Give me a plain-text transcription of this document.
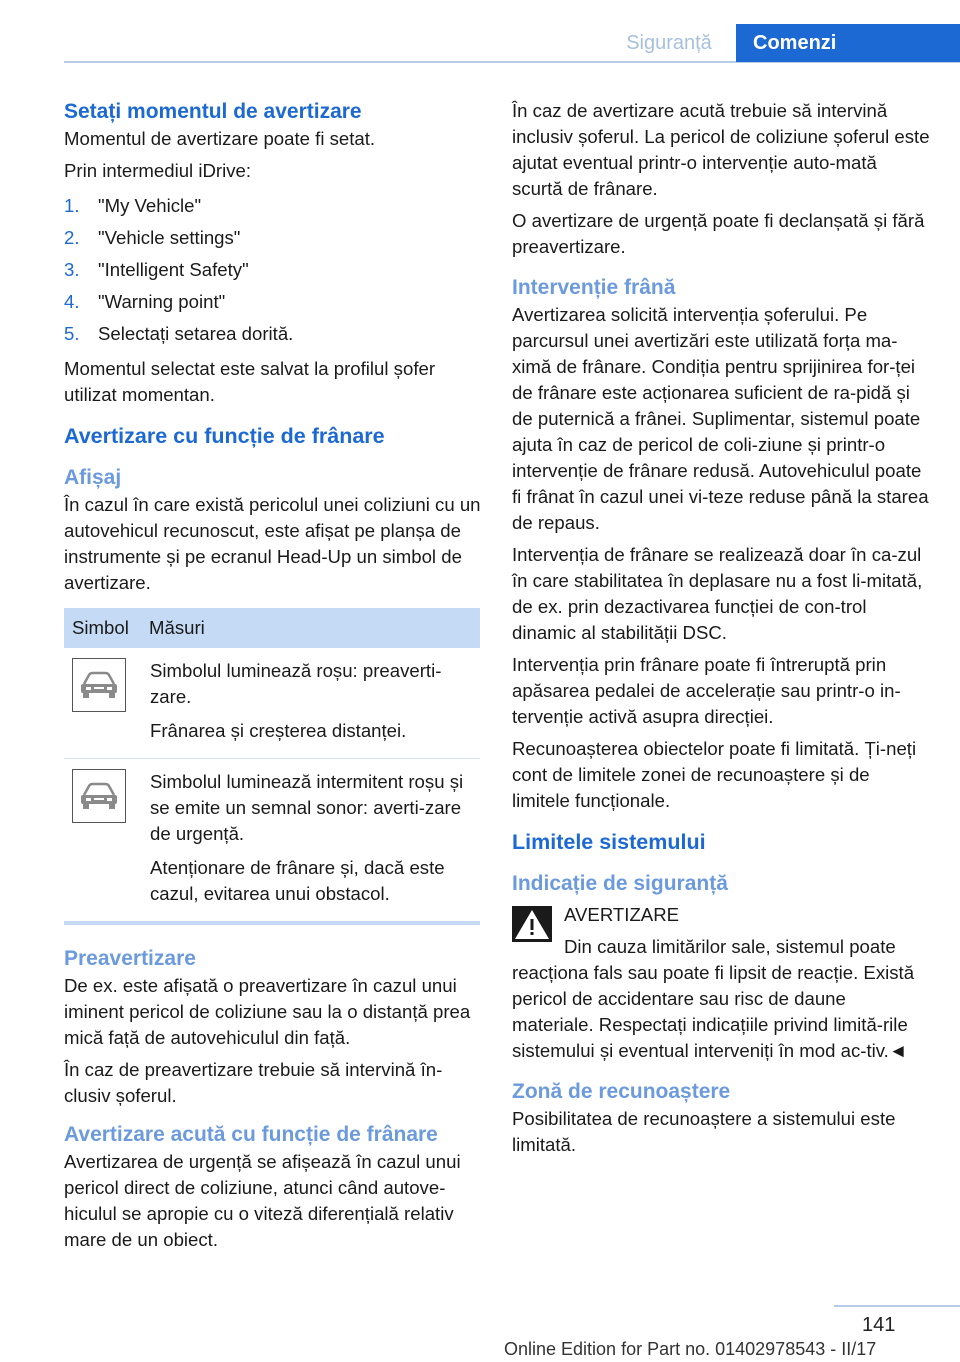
Siguranță	Comenzi
Setați momentul de avertizare

Momentul de avertizare poate fi setat.

Prin intermediul iDrive:

1. "My Vehicle"
2. "Vehicle settings"
3. "Intelligent Safety"
4. "Warning point"
5. Selectați setarea dorită.

Momentul selectat este salvat la profilul șofer utilizat momentan.

Avertizare cu funcție de frânare
Afișaj

În cazul în care există pericolul unei coliziuni cu un autovehicul recunoscut, este afișat pe planșa de instrumente și pe ecranul Head-Up un simbol de avertizare.

Simbol	Măsuri

Simbolul luminează roșu: preaverti-zare.

Frânarea și creșterea distanței.

Simbolul luminează intermitent roșu și se emite un semnal sonor: averti-zare de urgență.

Atenționare de frânare și, dacă este cazul, evitarea unui obstacol.

Preavertizare

De ex. este afișată o preavertizare în cazul unui iminent pericol de coliziune sau la o distanță prea mică față de autovehiculul din față.

În caz de preavertizare trebuie să intervină în-clusiv șoferul.

Avertizare acută cu funcție de frânare

Avertizarea de urgență se afișează în cazul unui pericol direct de coliziune, atunci când autove-hiculul se apropie cu o viteză diferențială relativ mare de un obiect.

În caz de avertizare acută trebuie să intervină inclusiv șoferul. La pericol de coliziune șoferul este ajutat eventual printr-o intervenție auto-mată scurtă de frânare.

O avertizare de urgență poate fi declanșată și fără preavertizare.

Intervenție frână

Avertizarea solicită intervenția șoferului. Pe parcursul unei avertizări este utilizată forța ma-ximă de frânare. Condiția pentru sprijinirea for-ței de frânare este acționarea suficient de ra-pidă și de puternică a frânei. Suplimentar, sistemul poate ajuta în caz de pericol de coli-ziune și printr-o intervenție de frânare redusă. Autovehiculul poate fi frânat în cazul unei vi-teze reduse până la starea de repaus.

Intervenția de frânare se realizează doar în ca-zul în care stabilitatea în deplasare nu a fost li-mitată, de ex. prin dezactivarea funcției de con-trol dinamic al stabilității DSC.

Intervenția prin frânare poate fi întreruptă prin apăsarea pedalei de accelerație sau printr-o in-tervenție activă asupra direcției.

Recunoașterea obiectelor poate fi limitată. Ți-neți cont de limitele zonei de recunoaștere și de limitele funcționale.

Limitele sistemului
Indicație de siguranță
AVERTIZARE
Din cauza limitărilor sale, sistemul poate

reacționa fals sau poate fi lipsit de reacție. Există pericol de accidentare sau risc de daune materiale. Respectați indicațiile privind limită-rile sistemului și eventual interveniți în mod ac-tiv.◄

Zonă de recunoaștere

Posibilitatea de recunoaștere a sistemului este limitată.

141
Online Edition for Part no. 01402978543 - II/17
